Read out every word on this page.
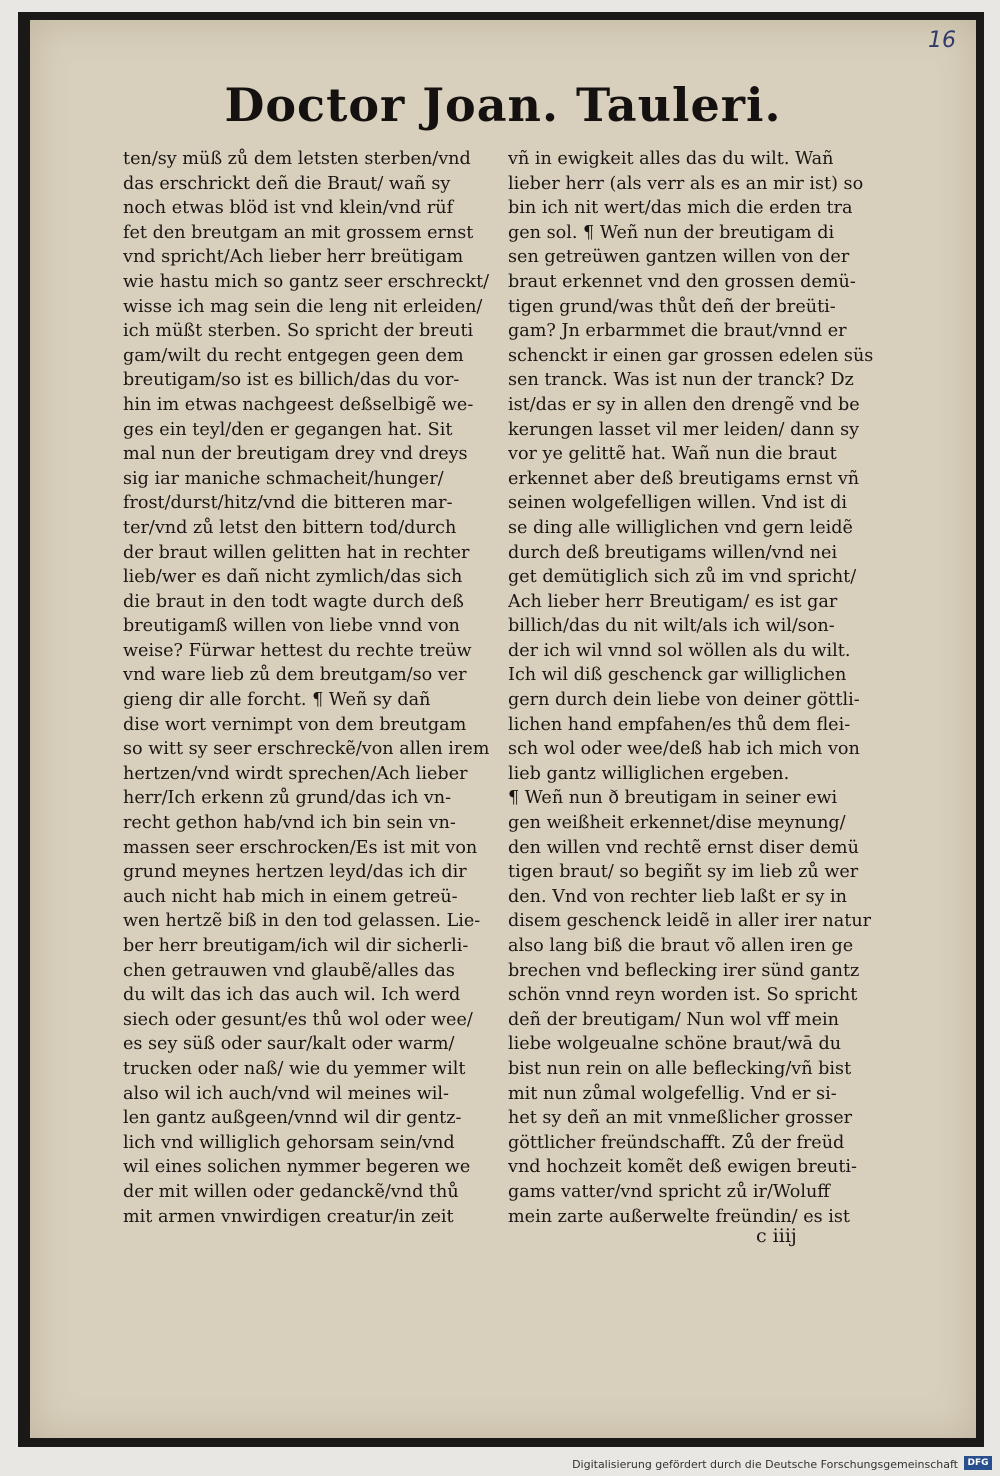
16
Doctor Joan. Tauleri.
ten/sy müß zů dem letsten sterben/vnd
das erschrickt deñ die Braut/ wañ sy
noch etwas blöd ist vnd klein/vnd rüf
fet den breutgam an mit grossem ernst
vnd spricht/Ach lieber herr breütigam
wie hastu mich so gantz seer erschreckt/
wisse ich mag sein die leng nit erleiden/
ich müßt sterben. So spricht der breuti
gam/wilt du recht entgegen geen dem
breutigam/so ist es billich/das du vor-
hin im etwas nachgeest deßselbigẽ we-
ges ein teyl/den er gegangen hat. Sit
mal nun der breutigam drey vnd dreys
sig iar maniche schmacheit/hunger/
frost/durst/hitz/vnd die bitteren mar-
ter/vnd zů letst den bittern tod/durch
der braut willen gelitten hat in rechter
lieb/wer es dañ nicht zymlich/das sich
die braut in den todt wagte durch deß
breutigamß willen von liebe vnnd von
weise? Fürwar hettest du rechte treüw
vnd ware lieb zů dem breutgam/so ver
gieng dir alle forcht. ¶ Weñ sy dañ
dise wort vernimpt von dem breutgam
so witt sy seer erschreckẽ/von allen irem
hertzen/vnd wirdt sprechen/Ach lieber
herr/Ich erkenn zů grund/das ich vn-
recht gethon hab/vnd ich bin sein vn-
massen seer erschrocken/Es ist mit von
grund meynes hertzen leyd/das ich dir
auch nicht hab mich in einem getreü-
wen hertzẽ biß in den tod gelassen. Lie-
ber herr breutigam/ich wil dir sicherli-
chen getrauwen vnd glaubẽ/alles das
du wilt das ich das auch wil. Ich werd
siech oder gesunt/es thů wol oder wee/
es sey süß oder saur/kalt oder warm/
trucken oder naß/ wie du yemmer wilt
also wil ich auch/vnd wil meines wil-
len gantz außgeen/vnnd wil dir gentz-
lich vnd williglich gehorsam sein/vnd
wil eines solichen nymmer begeren we
der mit willen oder gedanckẽ/vnd thů
mit armen vnwirdigen creatur/in zeit
vñ in ewigkeit alles das du wilt. Wañ
lieber herr (als verr als es an mir ist) so
bin ich nit wert/das mich die erden tra
gen sol. ¶ Weñ nun der breutigam di
sen getreüwen gantzen willen von der
braut erkennet vnd den grossen demü-
tigen grund/was thůt deñ der breüti-
gam? Jn erbarmmet die braut/vnnd er
schenckt ir einen gar grossen edelen süs
sen tranck. Was ist nun der tranck? Dz
ist/das er sy in allen den drengẽ vnd be
kerungen lasset vil mer leiden/ dann sy
vor ye gelittẽ hat. Wañ nun die braut
erkennet aber deß breutigams ernst vñ
seinen wolgefelligen willen. Vnd ist di
se ding alle williglichen vnd gern leidẽ
durch deß breutigams willen/vnd nei
get demütiglich sich zů im vnd spricht/
Ach lieber herr Breutigam/ es ist gar
billich/das du nit wilt/als ich wil/son-
der ich wil vnnd sol wöllen als du wilt.
Ich wil diß geschenck gar williglichen
gern durch dein liebe von deiner göttli-
lichen hand empfahen/es thů dem flei-
sch wol oder wee/deß hab ich mich von
lieb gantz williglichen ergeben.
¶ Weñ nun ð breutigam in seiner ewi
gen weißheit erkennet/dise meynung/
den willen vnd rechtẽ ernst diser demü
tigen braut/ so begiñt sy im lieb zů wer
den. Vnd von rechter lieb laßt er sy in
disem geschenck leidẽ in aller irer natur
also lang biß die braut võ allen iren ge
brechen vnd beflecking irer sünd gantz
schön vnnd reyn worden ist. So spricht
deñ der breutigam/ Nun wol vff mein
liebe wolgeualne schöne braut/wā du
bist nun rein on alle beflecking/vñ bist
mit nun zůmal wolgefellig. Vnd er si-
het sy deñ an mit vnmeßlicher grosser
göttlicher freündschafft. Zů der freüd
vnd hochzeit komẽt deß ewigen breuti-
gams vatter/vnd spricht zů ir/Woluff
mein zarte außerwelte freündin/ es ist
c iiij
Digitalisierung gefördert durch die Deutsche Forschungsgemeinschaft	DFG
